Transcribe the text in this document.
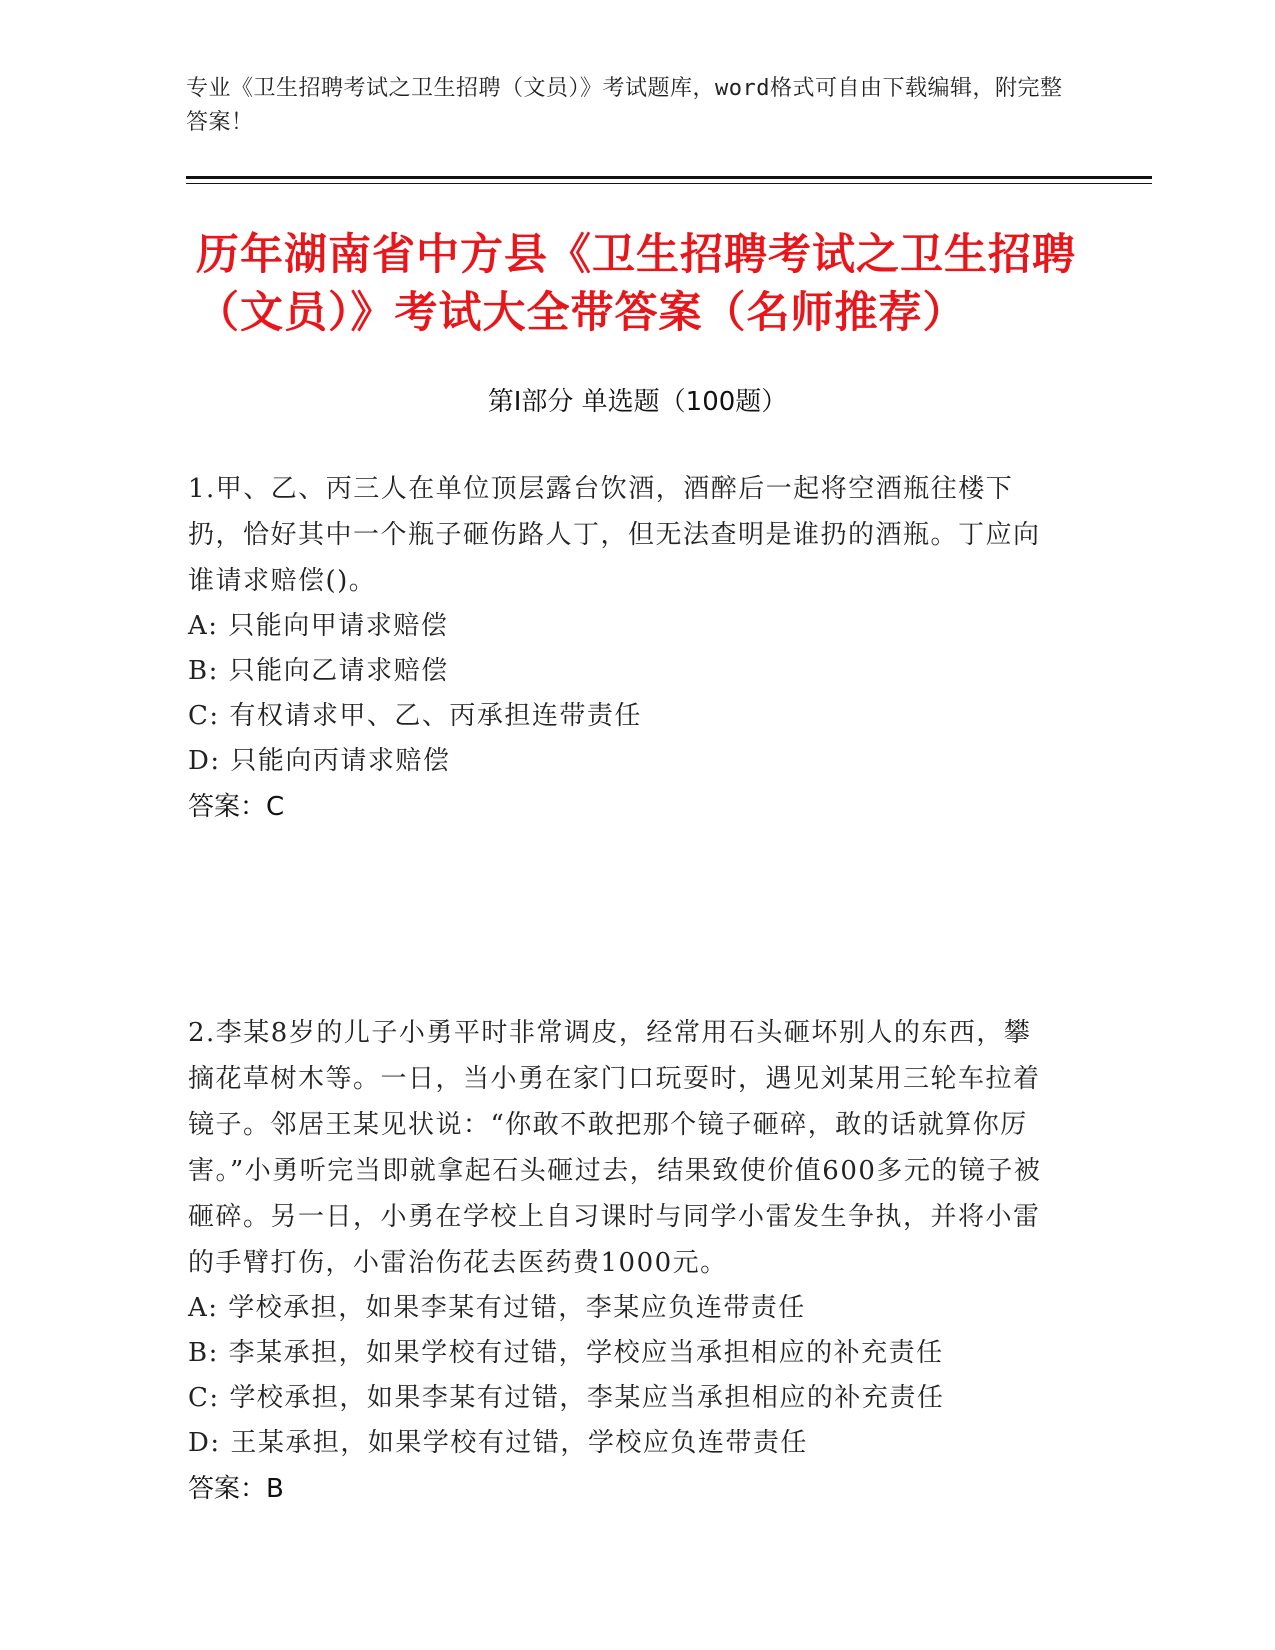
专业《卫生招聘考试之卫生招聘（文员）》考试题库，word格式可自由下载编辑，附完整答案！
历年湖南省中方县《卫生招聘考试之卫生招聘（文员）》考试大全带答案（名师推荐）
第Ⅰ部分 单选题（100题）
1.甲、乙、丙三人在单位顶层露台饮酒，酒醉后一起将空酒瓶往楼下扔，恰好其中一个瓶子砸伤路人丁，但无法查明是谁扔的酒瓶。丁应向谁请求赔偿()。
A: 只能向甲请求赔偿
B: 只能向乙请求赔偿
C: 有权请求甲、乙、丙承担连带责任
D: 只能向丙请求赔偿
答案：C
2.李某8岁的儿子小勇平时非常调皮，经常用石头砸坏别人的东西，攀摘花草树木等。一日，当小勇在家门口玩耍时，遇见刘某用三轮车拉着镜子。邻居王某见状说：“你敢不敢把那个镜子砸碎，敢的话就算你厉害。”小勇听完当即就拿起石头砸过去，结果致使价值600多元的镜子被砸碎。另一日，小勇在学校上自习课时与同学小雷发生争执，并将小雷的手臂打伤，小雷治伤花去医药费1000元。
A: 学校承担，如果李某有过错，李某应负连带责任
B: 李某承担，如果学校有过错，学校应当承担相应的补充责任
C: 学校承担，如果李某有过错，李某应当承担相应的补充责任
D: 王某承担，如果学校有过错，学校应负连带责任
答案：B
